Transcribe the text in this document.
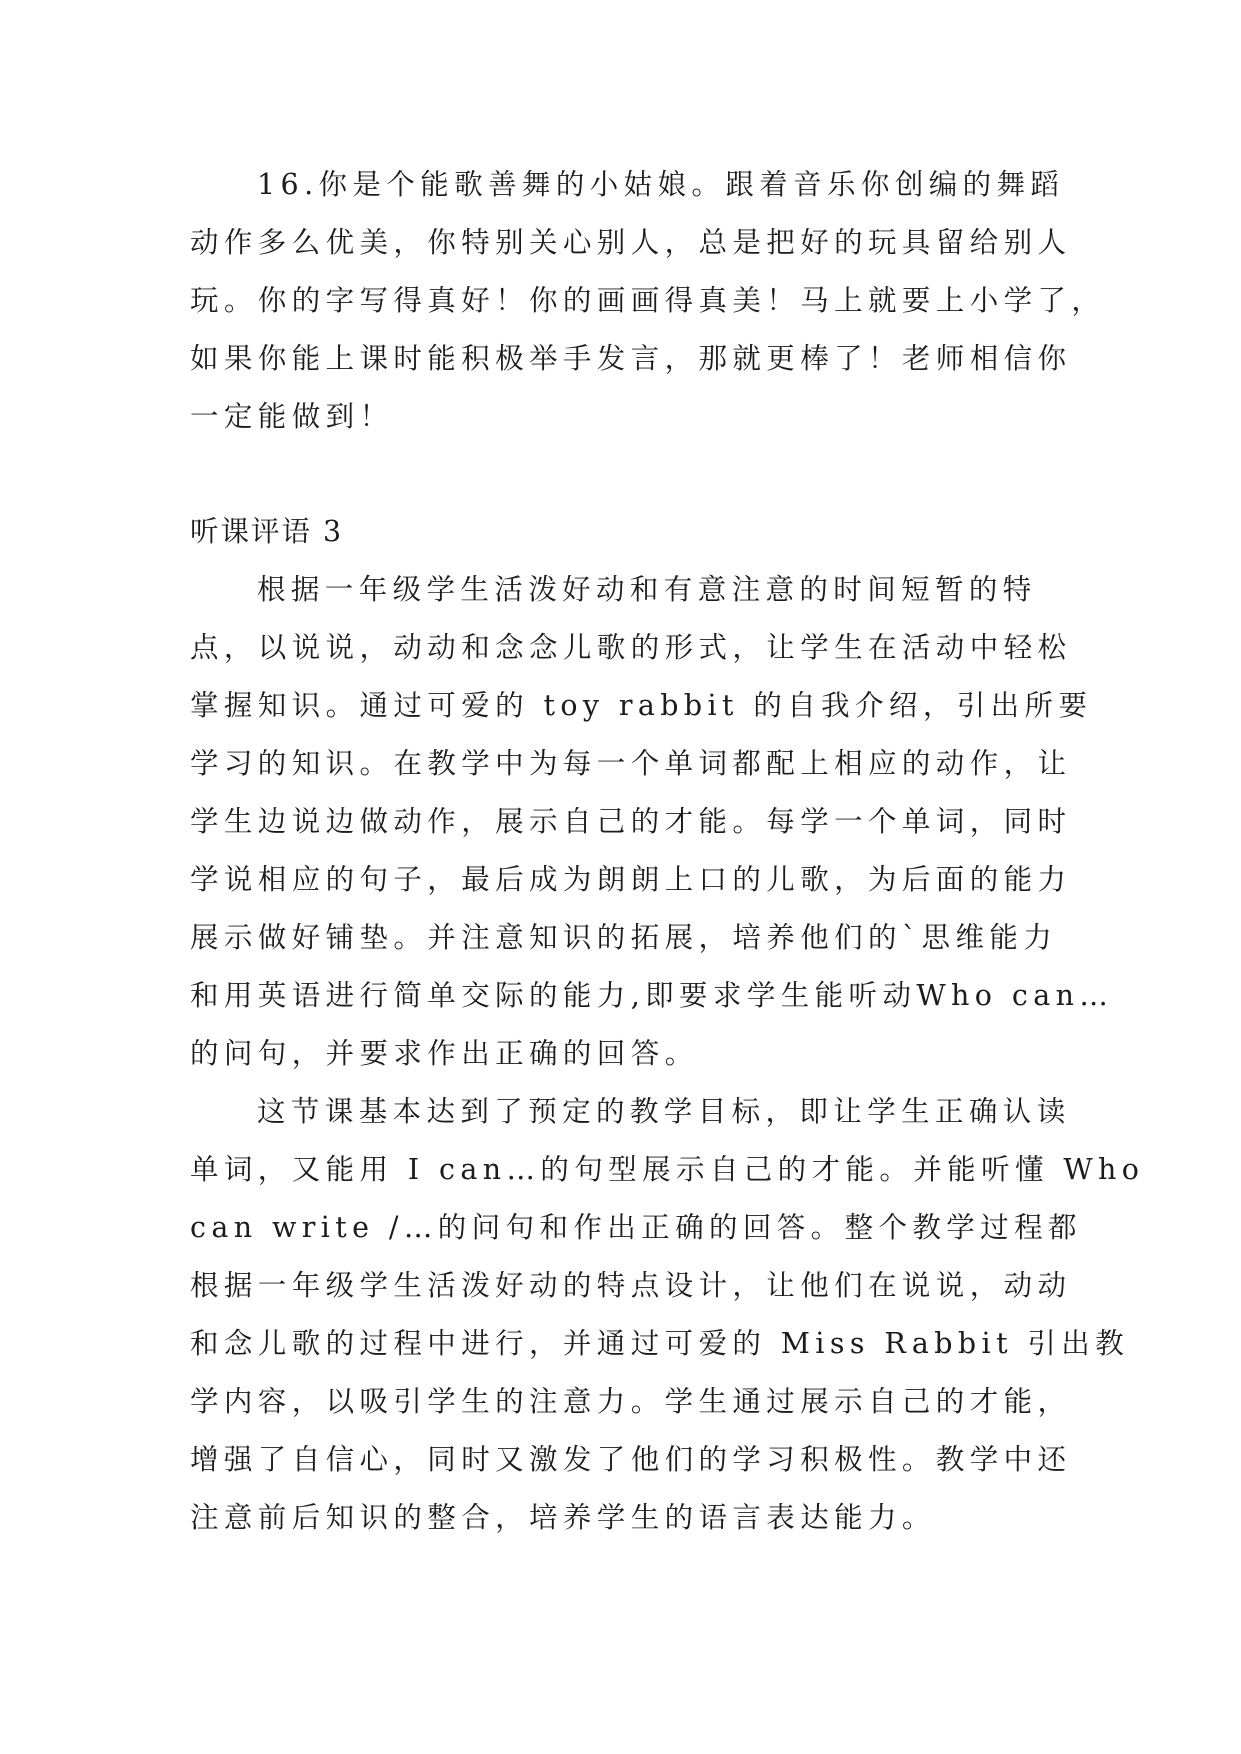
16.你是个能歌善舞的小姑娘。跟着音乐你创编的舞蹈
动作多么优美，你特别关心别人，总是把好的玩具留给别人
玩。你的字写得真好！你的画画得真美！马上就要上小学了，
如果你能上课时能积极举手发言，那就更棒了！老师相信你
一定能做到！
听课评语 3
根据一年级学生活泼好动和有意注意的时间短暂的特
点，以说说，动动和念念儿歌的形式，让学生在活动中轻松
掌握知识。通过可爱的 toy rabbit 的自我介绍，引出所要
学习的知识。在教学中为每一个单词都配上相应的动作，让
学生边说边做动作，展示自己的才能。每学一个单词，同时
学说相应的句子，最后成为朗朗上口的儿歌，为后面的能力
展示做好铺垫。并注意知识的拓展，培养他们的`思维能力
和用英语进行简单交际的能力,即要求学生能听动Who can…
的问句，并要求作出正确的回答。
这节课基本达到了预定的教学目标，即让学生正确认读
单词，又能用 I can…的句型展示自己的才能。并能听懂 Who
can write /…的问句和作出正确的回答。整个教学过程都
根据一年级学生活泼好动的特点设计，让他们在说说，动动
和念儿歌的过程中进行，并通过可爱的 Miss Rabbit 引出教
学内容，以吸引学生的注意力。学生通过展示自己的才能，
增强了自信心，同时又激发了他们的学习积极性。教学中还
注意前后知识的整合，培养学生的语言表达能力。
